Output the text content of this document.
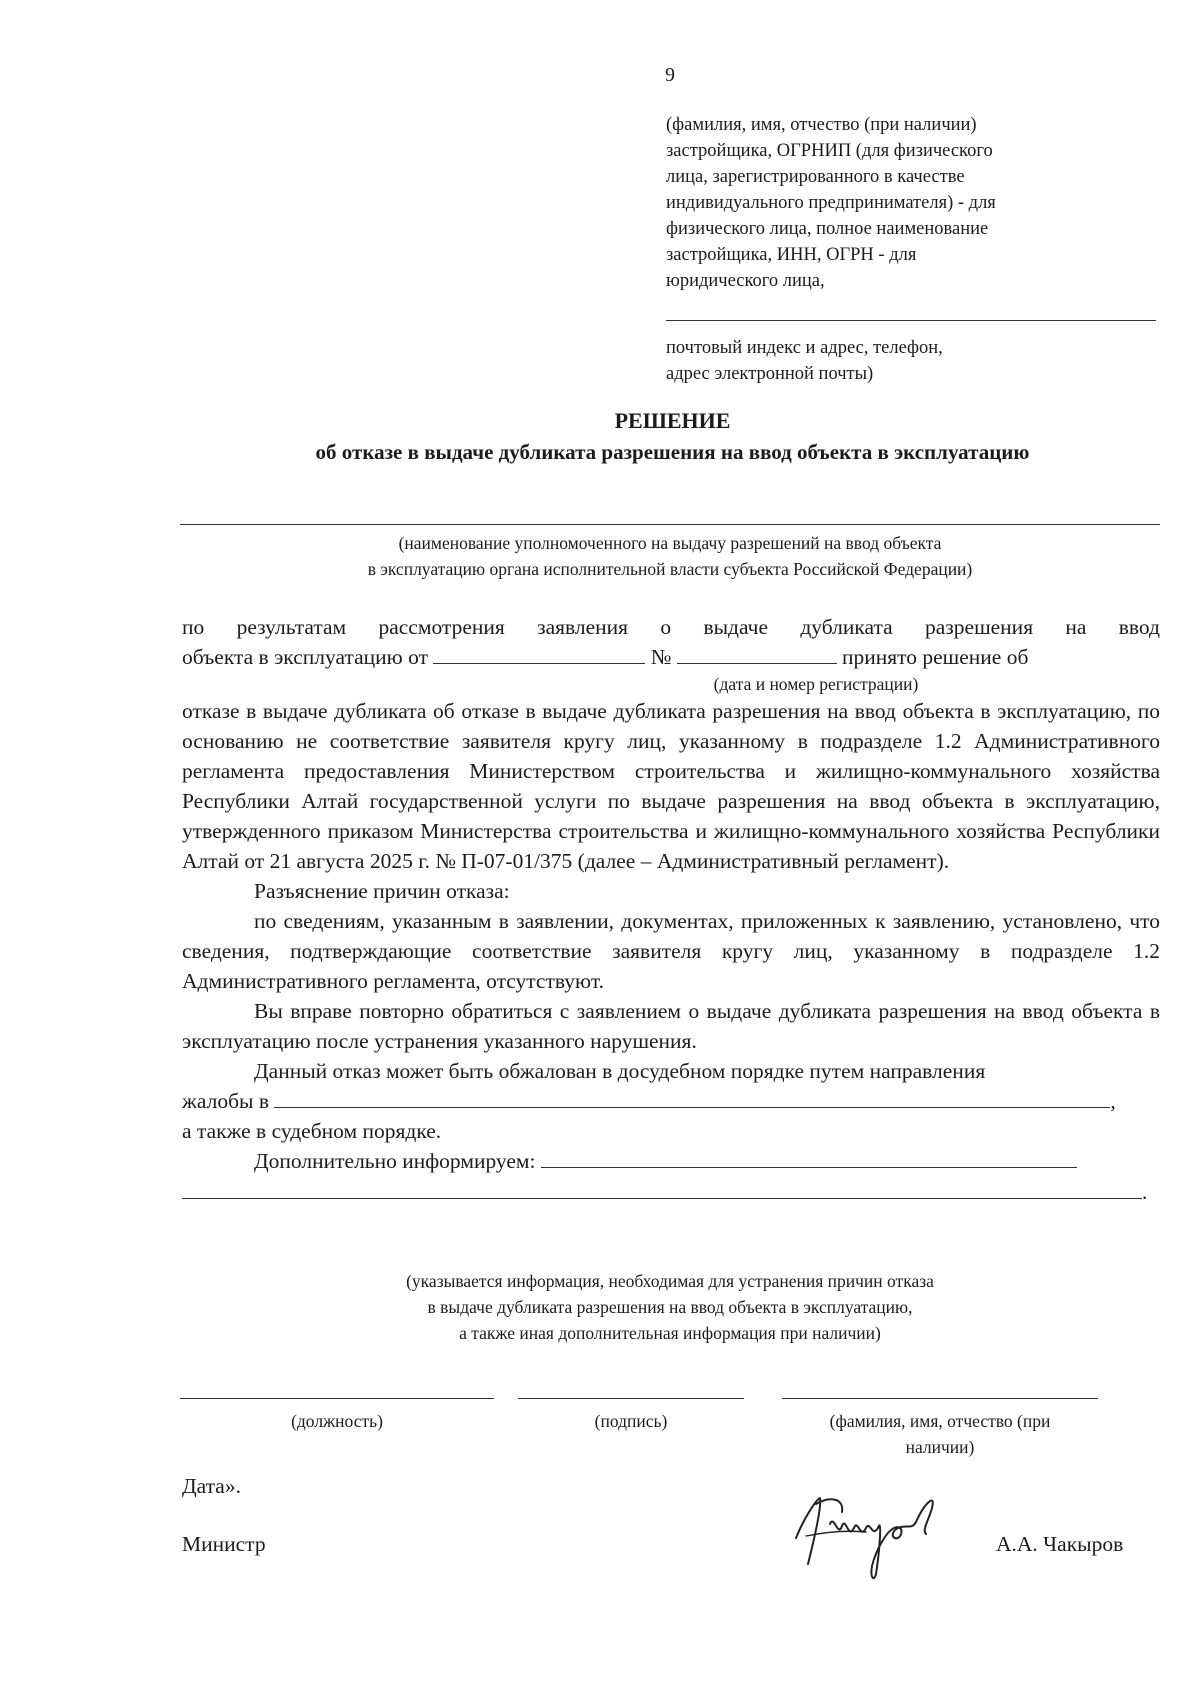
9

(фамилия, имя, отчество (при наличии)

застройщика, ОГРНИП (для физического

лица, зарегистрированного в качестве

индивидуального предпринимателя) - для

физического лица, полное наименование

застройщика, ИНН, ОГРН - для

юридического лица,

почтовый индекс и адрес, телефон,

адрес электронной почты)

РЕШЕНИЕ
об отказе в выдаче дубликата разрешения на ввод объекта в эксплуатацию
(наименование уполномоченного на выдачу разрешений на ввод объекта
в эксплуатацию органа исполнительной власти субъекта Российской Федерации)

по результатам рассмотрения заявления о выдаче дубликата разрешения на ввод

объекта в эксплуатацию от	№	принято решение об

(дата и номер регистрации)

отказе в выдаче дубликата об отказе в выдаче дубликата разрешения на ввод объекта в эксплуатацию, по основанию не соответствие заявителя кругу лиц, указанному в подразделе 1.2 Административного регламента предоставления Министерством строительства и жилищно-коммунального хозяйства Республики Алтай государственной услуги по выдаче разрешения на ввод объекта в эксплуатацию, утвержденного приказом Министерства строительства и жилищно-коммунального хозяйства Республики Алтай от 21 августа 2025 г. № П-07-01/375 (далее – Административный регламент).

Разъяснение причин отказа:

по сведениям, указанным в заявлении, документах, приложенных к заявлению, установлено, что сведения, подтверждающие соответствие заявителя кругу лиц, указанному в подразделе 1.2 Административного регламента, отсутствуют.

Вы вправе повторно обратиться с заявлением о выдаче дубликата разрешения на ввод объекта в эксплуатацию после устранения указанного нарушения.

Данный отказ может быть обжалован в досудебном порядке путем направления

жалобы в	,

а также в судебном порядке.

Дополнительно информируем:

.

(указывается информация, необходимая для устранения причин отказа
в выдаче дубликата разрешения на ввод объекта в эксплуатацию,
а также иная дополнительная информация при наличии)
(должность)	(подпись)	(фамилия, имя, отчество (при
наличии)
Дата».
Министр	А.А. Чакыров
